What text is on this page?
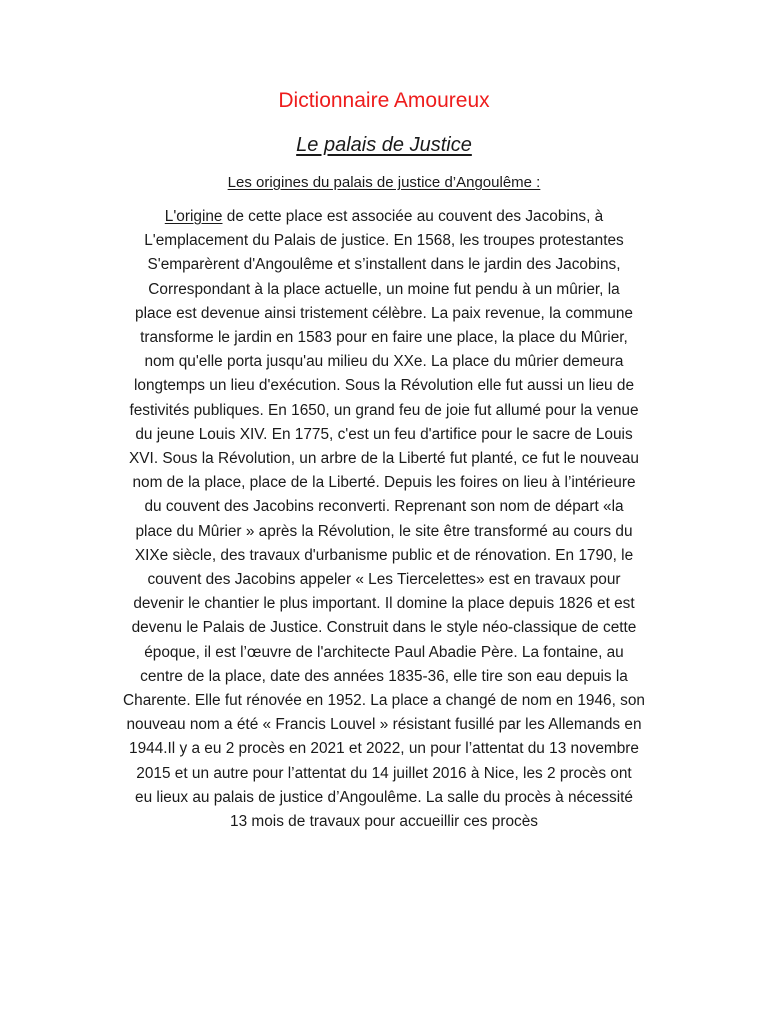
Dictionnaire Amoureux
Le palais de Justice
Les origines du palais de justice d’Angoulême :

L'origine de cette place est associée au couvent des Jacobins, à
L'emplacement du Palais de justice. En 1568, les troupes protestantes
S'emparèrent d'Angoulême et s’installent dans le jardin des Jacobins,
Correspondant à la place actuelle, un moine fut pendu à un mûrier, la
place est devenue ainsi tristement célèbre. La paix revenue, la commune
transforme le jardin en 1583 pour en faire une place, la place du Mûrier,
nom qu'elle porta jusqu'au milieu du XXe. La place du mûrier demeura
longtemps un lieu d'exécution. Sous la Révolution elle fut aussi un lieu de
festivités publiques. En 1650, un grand feu de joie fut allumé pour la venue
du jeune Louis XIV. En 1775, c'est un feu d'artifice pour le sacre de Louis
XVI. Sous la Révolution, un arbre de la Liberté fut planté, ce fut le nouveau
nom de la place, place de la Liberté. Depuis les foires on lieu à l’intérieure
du couvent des Jacobins reconverti. Reprenant son nom de départ «la
place du Mûrier » après la Révolution, le site être transformé au cours du
XIXe siècle, des travaux d'urbanisme public et de rénovation. En 1790, le
couvent des Jacobins appeler « Les Tiercelettes» est en travaux pour
devenir le chantier le plus important. Il domine la place depuis 1826 et est
devenu le Palais de Justice. Construit dans le style néo-classique de cette
époque, il est l’œuvre de l'architecte Paul Abadie Père. La fontaine, au
centre de la place, date des années 1835-36, elle tire son eau depuis la
Charente. Elle fut rénovée en 1952. La place a changé de nom en 1946, son
nouveau nom a été « Francis Louvel » résistant fusillé par les Allemands en
1944.Il y a eu 2 procès en 2021 et 2022, un pour l’attentat du 13 novembre
2015 et un autre pour l’attentat du 14 juillet 2016 à Nice, les 2 procès ont
eu lieux au palais de justice d’Angoulême. La salle du procès à nécessité
13 mois de travaux pour accueillir ces procès
